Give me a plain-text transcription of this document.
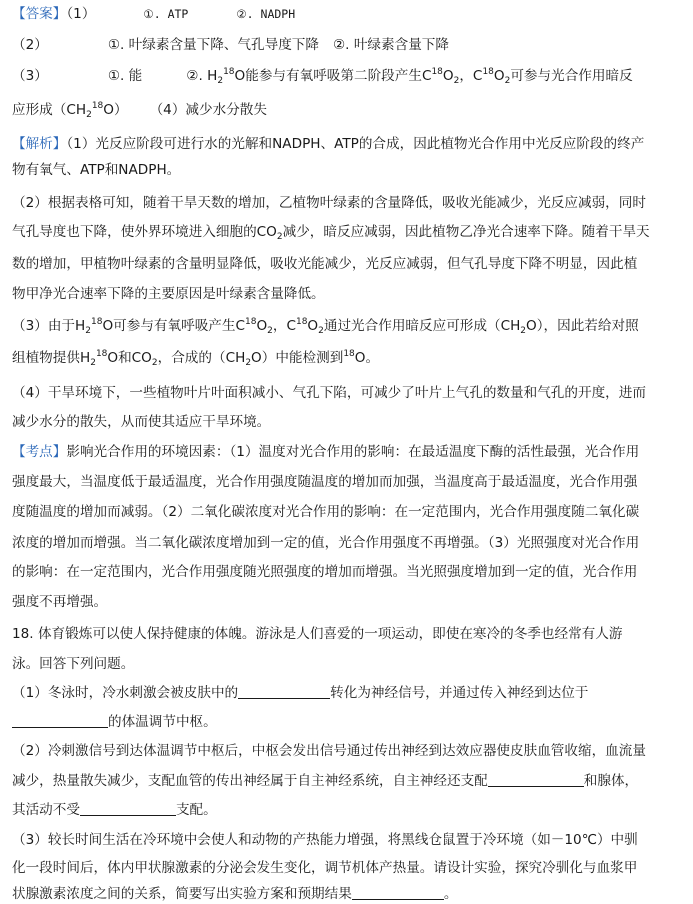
【答案】（1）	①. ATP	②. NADPH
（2）	①. 叶绿素含量下降、气孔导度下降 ②. 叶绿素含量下降
（3）	①. 能	②. $H_2^{18}O$能参与有氧呼吸第二阶段产生$C^{18}O_2$，$C^{18}O_2$可参与光合作用暗反
应形成$(CH_2^{18}O)$ （4）减少水分散失
【解析】（1）光反应阶段可进行水的光解和NADPH、ATP的合成，因此植物光合作用中光反应阶段的终产
物有氧气、ATP和NADPH。
（2）根据表格可知，随着干旱天数的增加，乙植物叶绿素的含量降低，吸收光能减少，光反应减弱，同时
气孔导度也下降，使外界环境进入细胞的$CO_2$减少，暗反应减弱，因此植物乙净光合速率下降。随着干旱天
数的增加，甲植物叶绿素的含量明显降低，吸收光能减少，光反应减弱，但气孔导度下降不明显，因此植
物甲净光合速率下降的主要原因是叶绿素含量降低。
（3）由于$H_2^{18}O$可参与有氧呼吸产生$C^{18}O_2$，$C^{18}O_2$通过光合作用暗反应可形成$(CH_2O)$，因此若给对照
组植物提供$H_2^{18}O$和$CO_2$，合成的$(CH_2O)$中能检测到$^{18}$O。
（4）干旱环境下，一些植物叶片叶面积减小、气孔下陷，可减少了叶片上气孔的数量和气孔的开度，进而
减少水分的散失，从而使其适应干旱环境。
【考点】影响光合作用的环境因素：（1）温度对光合作用的影响：在最适温度下酶的活性最强，光合作用
强度最大，当温度低于最适温度，光合作用强度随温度的增加而加强，当温度高于最适温度，光合作用强
度随温度的增加而减弱。（2）二氧化碳浓度对光合作用的影响：在一定范围内，光合作用强度随二氧化碳
浓度的增加而增强。当二氧化碳浓度增加到一定的值，光合作用强度不再增强。（3）光照强度对光合作用
的影响：在一定范围内，光合作用强度随光照强度的增加而增强。当光照强度增加到一定的值，光合作用
强度不再增强。
18. 体育锻炼可以使人保持健康的体魄。游泳是人们喜爱的一项运动，即使在寒冷的冬季也经常有人游
泳。回答下列问题。
（1）冬泳时，冷水刺激会被皮肤中的	转化为神经信号，并通过传入神经到达位于
的体温调节中枢。
（2）冷刺激信号到达体温调节中枢后，中枢会发出信号通过传出神经到达效应器使皮肤血管收缩，血流量
减少，热量散失减少，支配血管的传出神经属于自主神经系统，自主神经还支配	和腺体，
其活动不受	支配。
（3）较长时间生活在冷环境中会使人和动物的产热能力增强，将黑线仓鼠置于冷环境（如－10℃）中驯
化一段时间后，体内甲状腺激素的分泌会发生变化，调节机体产热量。请设计实验，探究冷驯化与血浆甲
状腺激素浓度之间的关系，简要写出实验方案和预期结果	。
